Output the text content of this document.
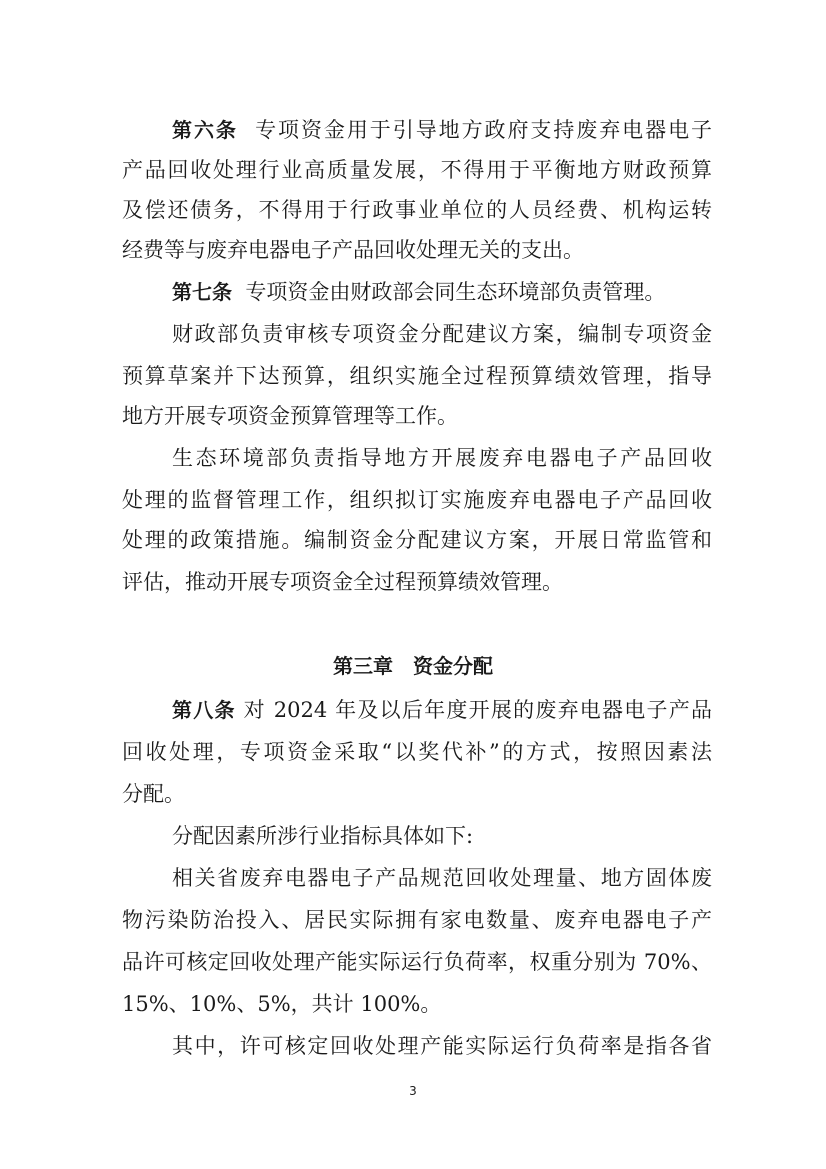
第六条 专项资金用于引导地方政府支持废弃电器电子
产品回收处理行业高质量发展，不得用于平衡地方财政预算
及偿还债务，不得用于行政事业单位的人员经费、机构运转
经费等与废弃电器电子产品回收处理无关的支出。
第七条 专项资金由财政部会同生态环境部负责管理。
财政部负责审核专项资金分配建议方案，编制专项资金
预算草案并下达预算，组织实施全过程预算绩效管理，指导
地方开展专项资金预算管理等工作。
生态环境部负责指导地方开展废弃电器电子产品回收
处理的监督管理工作，组织拟订实施废弃电器电子产品回收
处理的政策措施。编制资金分配建议方案，开展日常监管和
评估，推动开展专项资金全过程预算绩效管理。
第三章　资金分配
第八条 对 2024 年及以后年度开展的废弃电器电子产品
回收处理，专项资金采取“以奖代补”的方式，按照因素法
分配。
分配因素所涉行业指标具体如下:
相关省废弃电器电子产品规范回收处理量、地方固体废
物污染防治投入、居民实际拥有家电数量、废弃电器电子产
品许可核定回收处理产能实际运行负荷率，权重分别为 70%、
15%、10%、5%，共计 100%。
其中，许可核定回收处理产能实际运行负荷率是指各省
3
